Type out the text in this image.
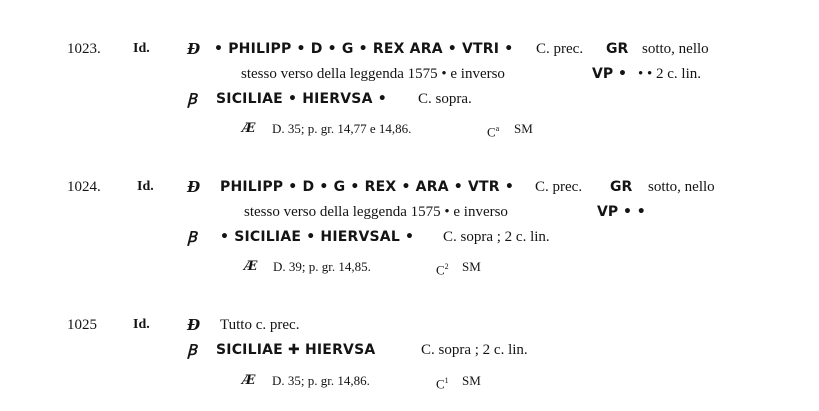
1023. Id. Ɖ • PHILIPP • D • G • REX ARA • VTRI • C. prec. GR sotto, nello
stesso verso della leggenda 1575 • e inverso	VP • • • 2 c. lin.
Ꞵ SICILIAE • HIERVSA • C. sopra.
Æ D. 35; p. gr. 14,77 e 14,86.	$C^a$ SM
1024.	Id. Ɖ PHILIPP • D • G • REX • ARA • VTR • C. prec. GR sotto, nello
stesso verso della leggenda 1575 • e inverso	VP • •
Ꞵ • SICILIAE • HIERVSAL • C. sopra ; 2 c. lin.
Æ D. 39; p. gr. 14,85.	$C^2$ SM
1025	Id. Ɖ Tutto c. prec.
Ꞵ SICILIAE ✚ HIERVSA	C. sopra ; 2 c. lin.
Æ D. 35; p. gr. 14,86.	$C^1$ SM
